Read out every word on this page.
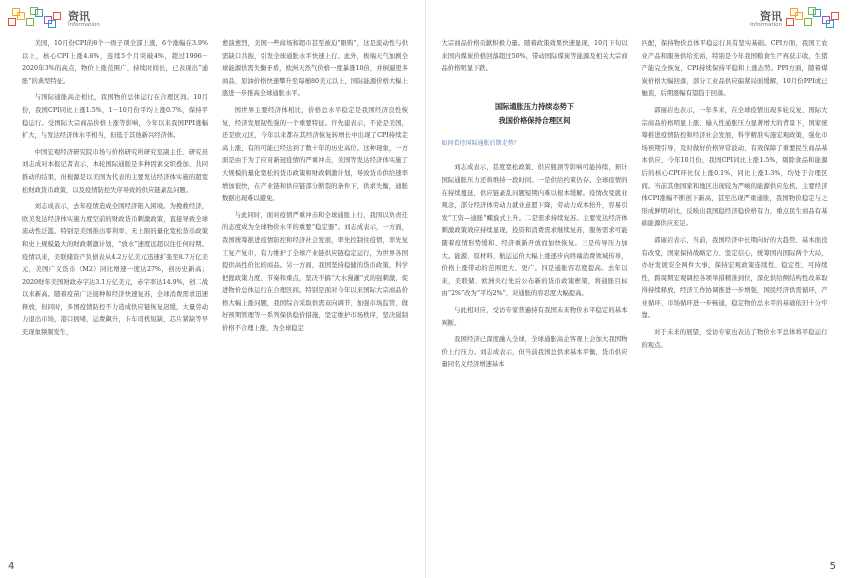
资讯
Information

美国，10月份CPI的8个一级子项全部上涨，6个涨幅在3.9%以上，核心CPI上涨4.6%，连续5个月突破4%，超过1996－2020年3%的高点，物价上涨范围广、持续时间长，已表现出“通胀”的典型特征。

与国际通胀高企相比，我国物价总体运行在合理区间。10月份，我国CPI同比上涨1.5%，1－10月份平均上涨0.7%，保持平稳运行。受国际大宗商品价格上涨等影响，今年以来我国PPI涨幅扩大，与发达经济体水平相当，但低于其他新兴经济体。

中国宏观经济研究院市场与价格研究所研究室副主任、研究员刘志成对本报记者表示，本轮国际通胀是多种因素交织叠加、共同推动的结果，但根源是以美国为代表的主要发达经济体实施的超宽松财政货币政策，以及疫情防控失序导致的供应链紊乱问题。

刘志成表示，去年疫情造成全国经济陷入困境。为挽救经济，欧美发达经济体实施力度空前的财政货币刺激政策，直接导致全球流动性泛滥。特别是美国推出零利率、无上限的量化宽松货币政策和史上规模最大的财政刺激计划，“放水”速度远超以往任何时期。疫情以来，美联储资产负债表从4.2万亿美元迅速扩张至8.7万亿美元，美国广义货币（M2）同比增速一度达27%，创历史新高；2020财年美国财政赤字达3.1万亿美元，赤字率达14.9%，创二战以来新高。随着疫苗广泛接种和经济快速复苏，全球消费需求迅速释放，但同时，多国疫情防控不力造成供应链恢复迟缓，大量劳动力退出市场，港口拥堵、运费飙升，卡车司机短缺、芯片紧缺等早充现象频频发生，

愈演愈烈，美国一些商场和超市甚至被迫“限购”，这是流动性与供需缺口共振，引发全球通胀水平快速上行。此外，极端天气加剧全球能源供需失衡矛盾，欧洲天然气价格一度暴涨10倍，并倒逼更多商品、原油价格快速攀升至每桶80美元以上，国际能源价格大幅上涨进一步推高全球通胀水平。

国世界主要经济体相比，价格总水平稳定是我国经济良性恢复、经济发展韧性强的一个重要特征。许先建表示，不论是美国，还是欧元区，今年以来都在其经济恢复转增长中出现了CPI持续走高上涨，有的可能已经达到了数十年的历史高位。这种现象，一方面是由于为了应对新冠疫情的严重冲击，美国等发达经济体实施了大规模的量化宽松的货币政策和财政刺激计划，导致货币供给速率增加很快，在产业链和供应链部分断裂的条件下，供求失衡，通胀数据出现难以避免。

与此同时，面对疫情严重冲击和全球通胀上行，我国以负责任的态度成为全球物价水平的重要“稳定器”。刘志成表示，一方面，我国统筹推进疫情防控和经济社会发展，率先控制住疫情，率先复工复产复市，有力维护了全球产业链供应链稳定运行，为世界各国提供高性价比的商品。另一方面，我国坚持稳健的货币政策，科学把握政策力度、节奏和重点，坚决不搞“大水漫灌”式的强刺激，促进物价总体运行在合理区间。特别是面对今年以来国际大宗商品价格大幅上涨问题，我国综合采取供需双向调节、加强市场监管、做好预期管理等一系列保供稳价措施，坚定维护市场秩序，坚决遏制价格不合理上涨，为全球稳定

4
资讯
Information

大宗商品价格贡献积极力量。随着政策效果快速显现，10月下旬以来国内煤炭价格回落超过50%，带动国际煤炭等能源及相关大宗商品价格明显下跌。

国际通胀压力持续态势下
我国价格保持合理区间
如何看待国际通胀后期走势？

刘志成表示，甚度宽松政策、供应瓶颈等影响可能持续，预计国际通胀压力还将维持一段时间。一是供给约束仍存。全球疫情的在持续蔓延，供应链紊乱问题短期内难以根本缓解。疫情改变就业观念，部分经济体劳动力就业意愿下降，劳动力成本抬升，容易引发“工资—通胀”螺旋式上升。二是需求持续复苏。主要发达经济体刺激政策效应持续显现，投资和消费需求继续复苏，服务需求可能随着疫情形势缓和、经济重新开放而加快恢复。三是传导压力加大。能源、原材料、航运运价大幅上涨逐步向终端消费领域传导，价格上涨带动的范围更大、更广。四是通胀容忍度提高。去年以来，美联储、欧洲央行先后公布新的货币政策框架，将通胀目标由“2%”改为“平均2%”，对通胀的容忍度大幅提高。

与此相对应，受访专家普遍持有我国未来物价水平稳定的基本判断。

我国经济已深度融入全球，全球通胀高企客观上会加大我国物价上行压力。刘志成表示，但当前我国总供求基本平衡，货币供应量同名义经济增速基本

匹配，保持物价总体平稳运行具有坚实基础。CPI方面，我国工农业产品和服务供给充裕，特别是今年我国粮食生产再获丰收，生猪产能完全恢复，CPI持续保持平稳和上涨态势。PPI方面，随着煤炭价格大幅回落，部分工业品供应偏紧局面缓解，10月份PPI或已触顶，后期涨幅有望趋于回落。

郭丽岩也表示，一年多来，在全球疫情出现多轮反复、国际大宗商品价格明显上涨、输入性通胀压力显著增大的背景下，国家统筹推进疫情防控和经济社会发展，科学精准实施宏观政策，强化市场预期引导，及时做好价格异常波动，有效保障了重要民生商品基本供应，今年10月份，我国CPI同比上涨1.5%，剔除食品和能源后的核心CPI环比仅上涨0.1%，同比上涨1.3%，均处于合理区间。当前其他国家和地区出现较为严峻的能源供应危机，主要经济体CPI涨幅不断创下新高，甚至出现严重通胀，我国物价稳定与之形成鲜明对比，反映出我国稳经济稳价格有力，重点民生商品有基础能源供应充足。

郭丽岩表示，当前，我国经济中长期向好的大趋势、基本面没有改变，国家保持战略定力、坚定信心，统筹国内国际两个大局，办好发展安全两件大事，保持宏观政策连续性、稳定性、可持续性，跨周期宏观调控各项举措精准到位，深化供给侧结构性改革取得持续释放，经济工作协调推进一步增强，国民经济供需循环，产业循环、市场循环进一步畅通，稳定物价总水平的基础依旧十分牢靠。

对于未来的展望，受访专家也表达了物价水平总体将平稳运行的观点。

5
